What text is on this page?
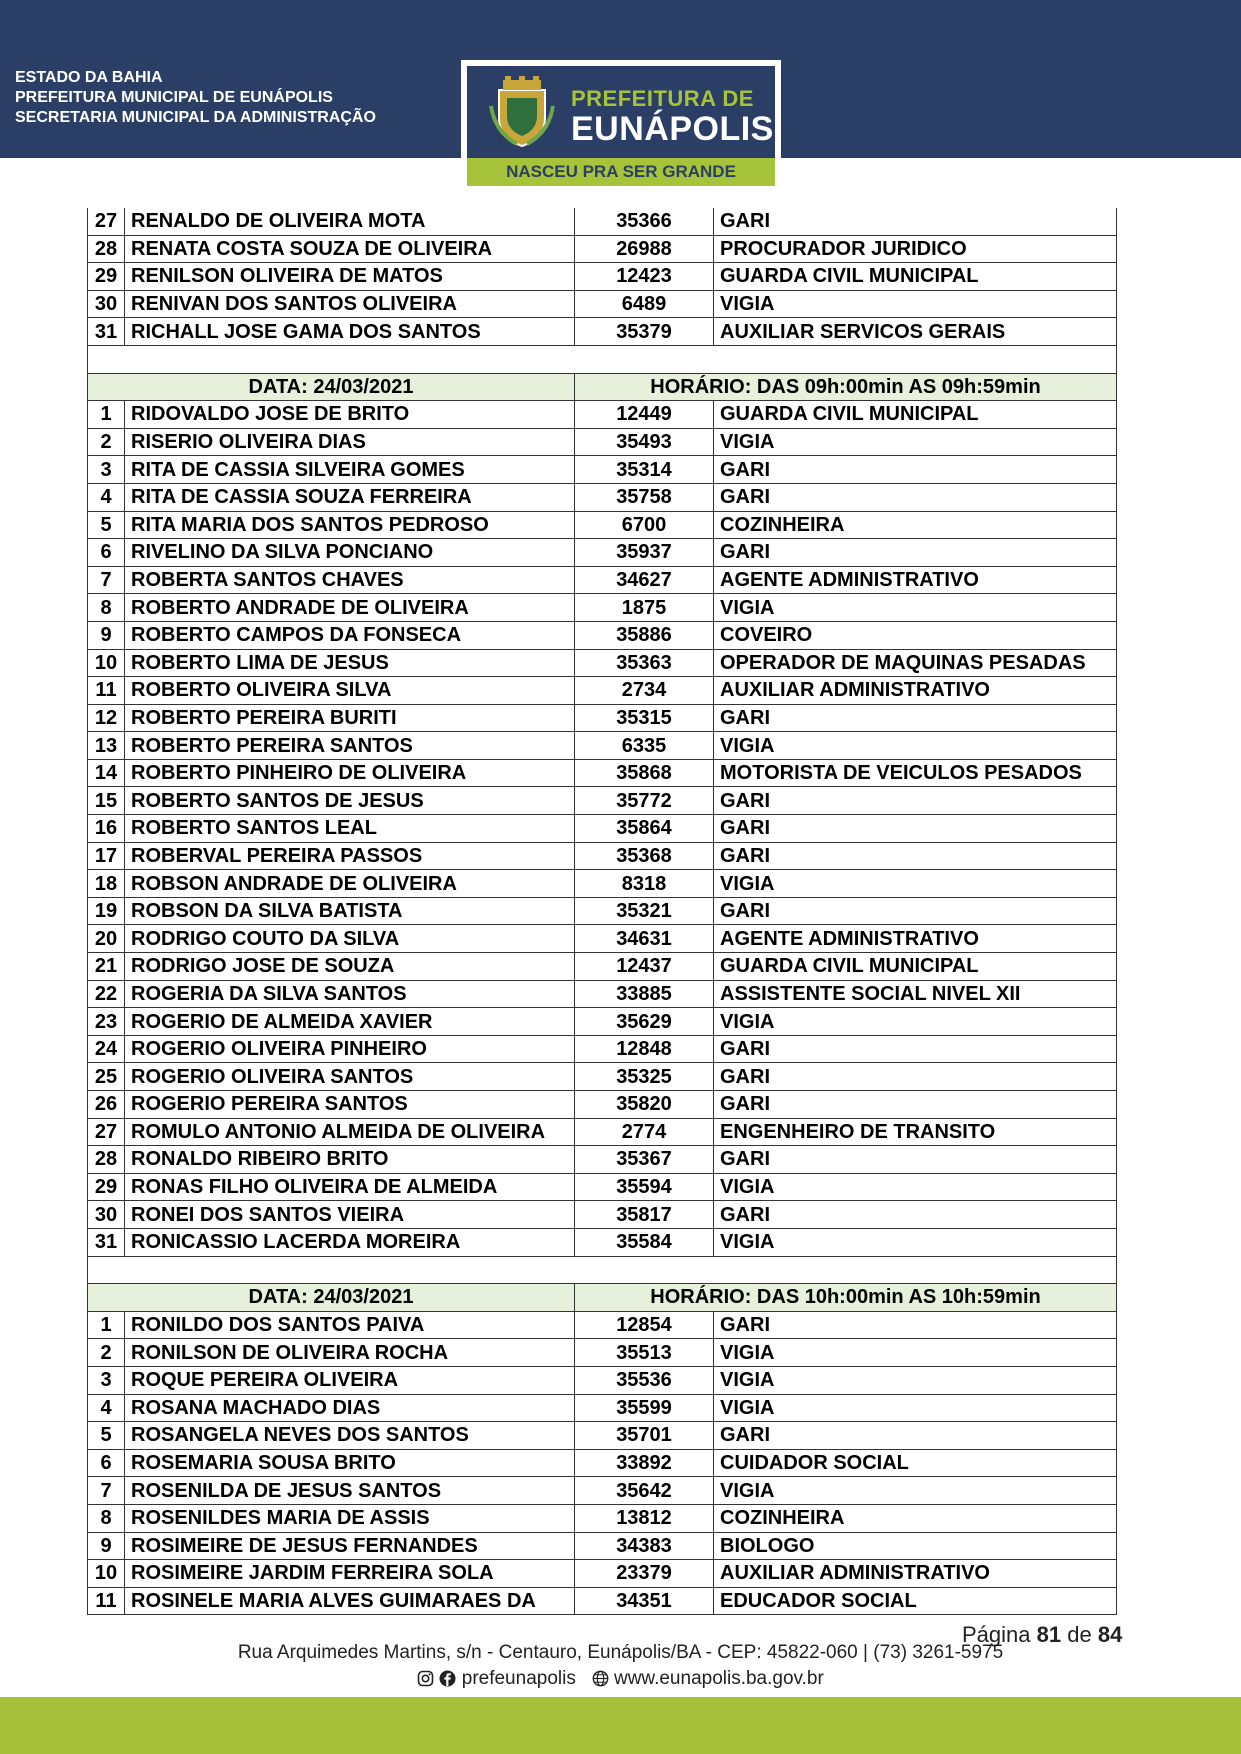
ESTADO DA BAHIA
PREFEITURA MUNICIPAL DE EUNÁPOLIS
SECRETARIA MUNICIPAL DA ADMINISTRAÇÃO
PREFEITURA DE
EUNÁPOLIS
NASCEU PRA SER GRANDE
27	RENALDO DE OLIVEIRA MOTA	35366	GARI
28	RENATA COSTA SOUZA DE OLIVEIRA	26988	PROCURADOR JURIDICO
29	RENILSON OLIVEIRA DE MATOS	12423	GUARDA CIVIL MUNICIPAL
30	RENIVAN DOS SANTOS OLIVEIRA	6489	VIGIA
31	RICHALL JOSE GAMA DOS SANTOS	35379	AUXILIAR SERVICOS GERAIS

DATA: 24/03/2021		HORÁRIO: DAS 09h:00min AS 09h:59min	
1	RIDOVALDO JOSE DE BRITO	12449	GUARDA CIVIL MUNICIPAL
2	RISERIO OLIVEIRA DIAS	35493	VIGIA
3	RITA DE CASSIA SILVEIRA GOMES	35314	GARI
4	RITA DE CASSIA SOUZA FERREIRA	35758	GARI
5	RITA MARIA DOS SANTOS PEDROSO	6700	COZINHEIRA
6	RIVELINO DA SILVA PONCIANO	35937	GARI
7	ROBERTA SANTOS CHAVES	34627	AGENTE ADMINISTRATIVO
8	ROBERTO ANDRADE DE OLIVEIRA	1875	VIGIA
9	ROBERTO CAMPOS DA FONSECA	35886	COVEIRO
10	ROBERTO LIMA DE JESUS	35363	OPERADOR DE MAQUINAS PESADAS
11	ROBERTO OLIVEIRA SILVA	2734	AUXILIAR ADMINISTRATIVO
12	ROBERTO PEREIRA BURITI	35315	GARI
13	ROBERTO PEREIRA SANTOS	6335	VIGIA
14	ROBERTO PINHEIRO DE OLIVEIRA	35868	MOTORISTA DE VEICULOS PESADOS
15	ROBERTO SANTOS DE JESUS	35772	GARI
16	ROBERTO SANTOS LEAL	35864	GARI
17	ROBERVAL PEREIRA PASSOS	35368	GARI
18	ROBSON ANDRADE DE OLIVEIRA	8318	VIGIA
19	ROBSON DA SILVA BATISTA	35321	GARI
20	RODRIGO COUTO DA SILVA	34631	AGENTE ADMINISTRATIVO
21	RODRIGO JOSE DE SOUZA	12437	GUARDA CIVIL MUNICIPAL
22	ROGERIA DA SILVA SANTOS	33885	ASSISTENTE SOCIAL NIVEL XII
23	ROGERIO DE ALMEIDA XAVIER	35629	VIGIA
24	ROGERIO OLIVEIRA PINHEIRO	12848	GARI
25	ROGERIO OLIVEIRA SANTOS	35325	GARI
26	ROGERIO PEREIRA SANTOS	35820	GARI
27	ROMULO ANTONIO ALMEIDA DE OLIVEIRA	2774	ENGENHEIRO DE TRANSITO
28	RONALDO RIBEIRO BRITO	35367	GARI
29	RONAS FILHO OLIVEIRA DE ALMEIDA	35594	VIGIA
30	RONEI DOS SANTOS VIEIRA	35817	GARI
31	RONICASSIO LACERDA MOREIRA	35584	VIGIA

DATA: 24/03/2021		HORÁRIO: DAS 10h:00min AS 10h:59min	
1	RONILDO DOS SANTOS PAIVA	12854	GARI
2	RONILSON DE OLIVEIRA ROCHA	35513	VIGIA
3	ROQUE PEREIRA OLIVEIRA	35536	VIGIA
4	ROSANA MACHADO DIAS	35599	VIGIA
5	ROSANGELA NEVES DOS SANTOS	35701	GARI
6	ROSEMARIA SOUSA BRITO	33892	CUIDADOR SOCIAL
7	ROSENILDA DE JESUS SANTOS	35642	VIGIA
8	ROSENILDES MARIA DE ASSIS	13812	COZINHEIRA
9	ROSIMEIRE DE JESUS FERNANDES	34383	BIOLOGO
10	ROSIMEIRE JARDIM FERREIRA SOLA	23379	AUXILIAR ADMINISTRATIVO
11	ROSINELE MARIA ALVES GUIMARAES DA	34351	EDUCADOR SOCIAL
Página 81 de 84
Rua Arquimedes Martins, s/n - Centauro, Eunápolis/BA - CEP: 45822-060 | (73) 3261-5975
prefeunapolis www.eunapolis.ba.gov.br
